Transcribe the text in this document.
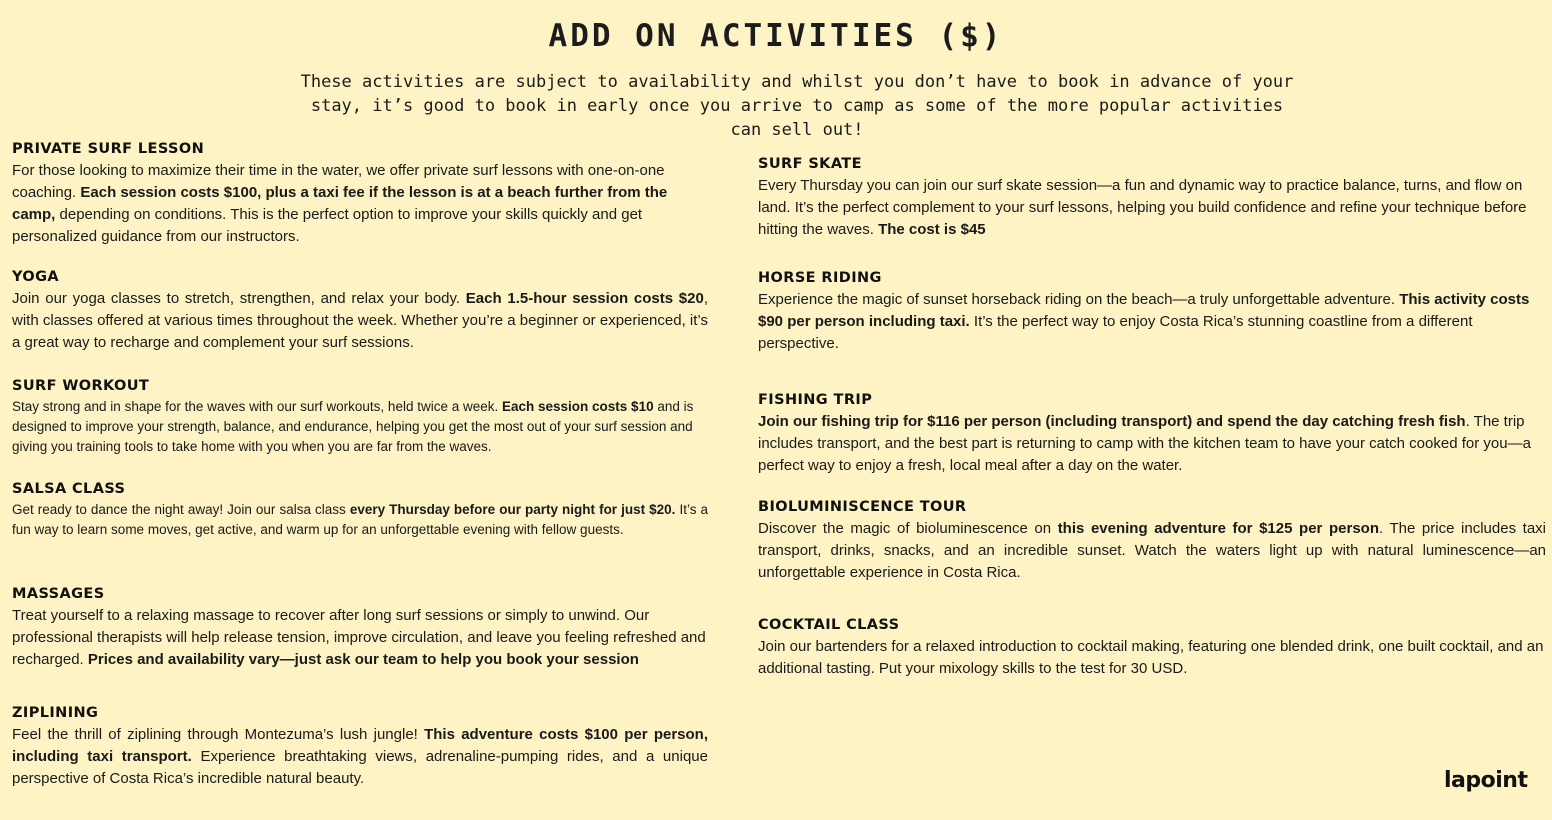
ADD ON ACTIVITIES ($)

These activities are subject to availability and whilst you don’t have to book in advance of your stay, it’s good to book in early once you arrive to camp as some of the more popular activities can sell out!

PRIVATE SURF LESSON

For those looking to maximize their time in the water, we offer private surf lessons with one-on-one coaching. Each session costs $100, plus a taxi fee if the lesson is at a beach further from the camp, depending on conditions. This is the perfect option to improve your skills quickly and get personalized guidance from our instructors.

YOGA

Join our yoga classes to stretch, strengthen, and relax your body. Each 1.5-hour session costs $20, with classes offered at various times throughout the week. Whether you’re a beginner or experienced, it’s a great way to recharge and complement your surf sessions.

SURF WORKOUT

Stay strong and in shape for the waves with our surf workouts, held twice a week. Each session costs $10 and is designed to improve your strength, balance, and endurance, helping you get the most out of your surf session and giving you training tools to take home with you when you are far from the waves.

SALSA CLASS

Get ready to dance the night away! Join our salsa class every Thursday before our party night for just $20. It’s a fun way to learn some moves, get active, and warm up for an unforgettable evening with fellow guests.

MASSAGES

Treat yourself to a relaxing massage to recover after long surf sessions or simply to unwind. Our professional therapists will help release tension, improve circulation, and leave you feeling refreshed and recharged. Prices and availability vary—just ask our team to help you book your session

ZIPLINING

Feel the thrill of ziplining through Montezuma’s lush jungle! This adventure costs $100 per person, including taxi transport. Experience breathtaking views, adrenaline-pumping rides, and a unique perspective of Costa Rica’s incredible natural beauty.

SURF SKATE

Every Thursday you can join our surf skate session—a fun and dynamic way to practice balance, turns, and flow on land. It’s the perfect complement to your surf lessons, helping you build confidence and refine your technique before hitting the waves. The cost is $45

HORSE RIDING

Experience the magic of sunset horseback riding on the beach—a truly unforgettable adventure. This activity costs $90 per person including taxi. It’s the perfect way to enjoy Costa Rica’s stunning coastline from a different perspective.

FISHING TRIP

Join our fishing trip for $116 per person (including transport) and spend the day catching fresh fish. The trip includes transport, and the best part is returning to camp with the kitchen team to have your catch cooked for you—a perfect way to enjoy a fresh, local meal after a day on the water.

BIOLUMINISCENCE TOUR

Discover the magic of bioluminescence on this evening adventure for $125 per person. The price includes taxi transport, drinks, snacks, and an incredible sunset. Watch the waters light up with natural luminescence—an unforgettable experience in Costa Rica.

COCKTAIL CLASS

Join our bartenders for a relaxed introduction to cocktail making, featuring one blended drink, one built cocktail, and an additional tasting. Put your mixology skills to the test for 30 USD.

lapoint
